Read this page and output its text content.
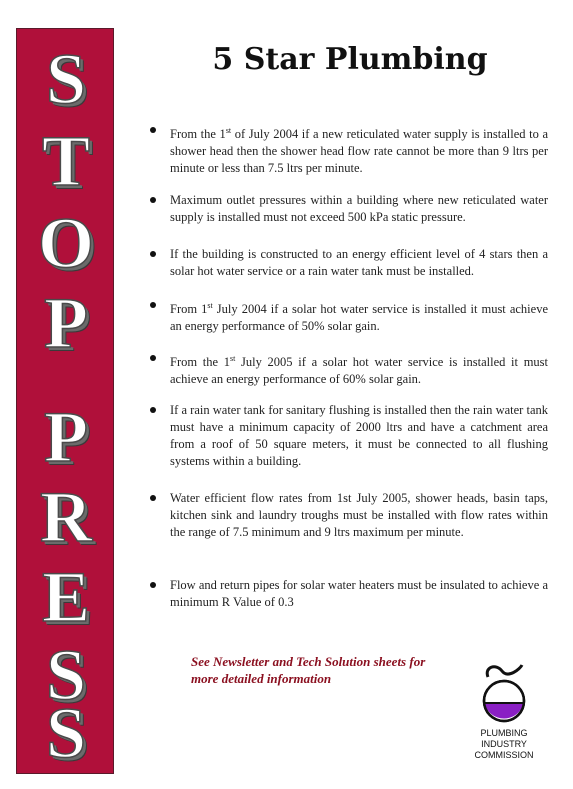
S
T
O
P
P
R
E
S
S
5 Star Plumbing
From the 1st of July 2004 if a new reticulated water supply is installed to a shower head then the shower head flow rate cannot be more than 9 ltrs per minute or less than 7.5 ltrs per minute.
Maximum outlet pressures within a building where new reticulated water supply is installed must not exceed 500 kPa static pressure.
If the building is constructed to an energy efficient level of 4 stars then a solar hot water service or a rain water tank must be installed.
From 1st July 2004 if a solar hot water service is installed it must achieve an energy performance of 50% solar gain.
From the 1st July 2005 if a solar hot water service is installed it must achieve an energy performance of 60% solar gain.
If a rain water tank for sanitary flushing is installed then the rain water tank must have a minimum capacity of 2000 ltrs and have a catchment area from a roof of 50 square meters, it must be connected to all flushing systems within a building.
Water efficient flow rates from 1st July 2005, shower heads, basin taps, kitchen sink and laundry troughs must be installed with flow rates within the range of 7.5 minimum and 9 ltrs maximum per minute.
Flow and return pipes for solar water heaters must be insulated to achieve a minimum R Value of 0.3
See Newsletter and Tech Solution sheets for
more detailed information
PLUMBING
INDUSTRY
COMMISSION
